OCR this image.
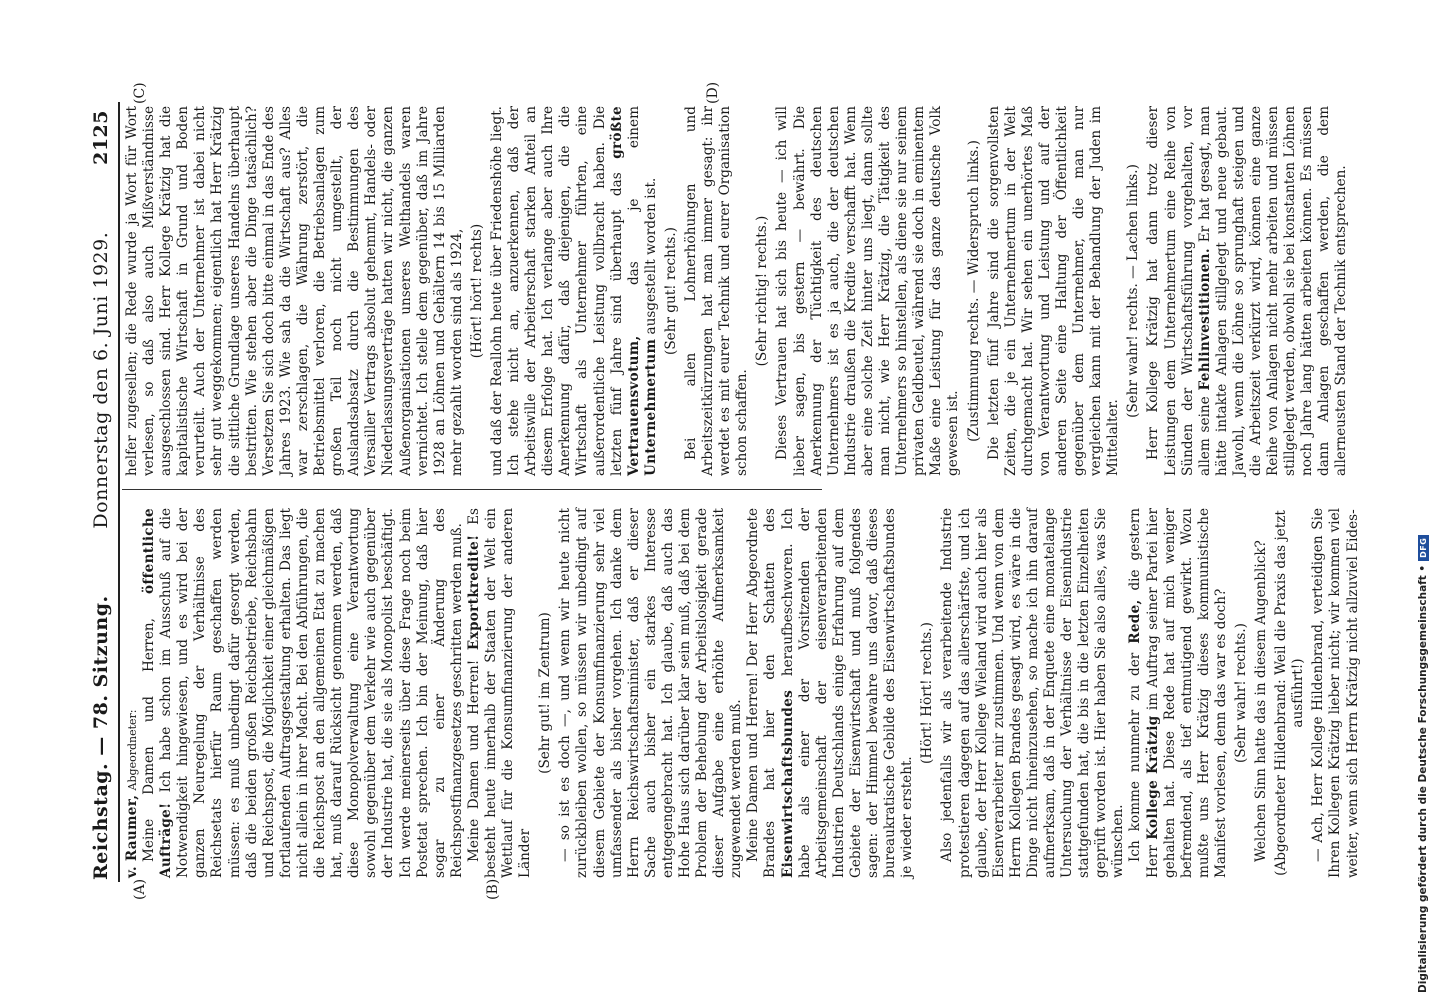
Reichstag. — 78. Sitzung.
Donnerstag den 6. Juni 1929.
2125
(A)	(B)
(C)	(D)

v. Raumer, Abgeordneter: Meine Damen und Herren, öffentliche Aufträge! Ich habe schon im Ausschuß auf die Notwendigkeit hingewiesen, und es wird bei der ganzen Neuregelung der Verhältnisse des Reichsetats hierfür Raum geschaffen werden müssen: es muß unbedingt dafür gesorgt werden, daß die beiden großen Reichsbetriebe, Reichsbahn und Reichspost, die Möglichkeit einer gleichmäßigen fortlaufenden Auftragsgestaltung erhalten. Das liegt nicht allein in ihrer Macht. Bei den Abführungen, die die Reichspost an den allgemeinen Etat zu machen hat, muß darauf Rücksicht genommen werden, daß diese Monopolverwaltung eine Verantwortung sowohl gegenüber dem Verkehr wie auch gegenüber der Industrie hat, die sie als Monopolist beschäftigt. Ich werde meinerseits über diese Frage noch beim Postetat sprechen. Ich bin der Meinung, daß hier sogar zu einer Änderung des Reichspostfinanzgesetzes geschritten werden muß. Meine Damen und Herren! Exportkredite! Es besteht heute innerhalb der Staaten der Welt ein Wettlauf für die Konsumfinanzierung der anderen Länder

(Sehr gut! im Zentrum) — so ist es doch —, und wenn wir heute nicht zurückbleiben wollen, so müssen wir unbedingt auf diesem Gebiete der Konsumfinanzierung sehr viel umfassender als bisher vorgehen. Ich danke dem Herrn Reichswirtschaftsminister, daß er dieser Sache auch bisher ein starkes Interesse entgegengebracht hat. Ich glaube, daß auch das Hohe Haus sich darüber klar sein muß, daß bei dem Problem der Behebung der Arbeitslosigkeit gerade dieser Aufgabe eine erhöhte Aufmerksamkeit zugewendet werden muß. Meine Damen und Herren! Der Herr Abgeordnete Brandes hat hier den Schatten des Eisenwirtschaftsbundes heraufbeschworen. Ich habe als einer der Vorsitzenden der Arbeitsgemeinschaft der eisenverarbeitenden Industrien Deutschlands einige Erfahrung auf dem Gebiete der Eisenwirtschaft und muß folgendes sagen: der Himmel bewahre uns davor, daß dieses bureaukratische Gebilde des Eisenwirtschaftsbundes je wieder ersteht.

(Hört! Hört! rechts.) Also jedenfalls wir als verarbeitende Industrie protestieren dagegen auf das allerschärfste, und ich glaube, der Herr Kollege Wieland wird auch hier als Eisenverarbeiter mir zustimmen. Und wenn von dem Herrn Kollegen Brandes gesagt wird, es wäre in die Dinge nicht hineinzusehen, so mache ich ihn darauf aufmerksam, daß in der Enquete eine monatelange Untersuchung der Verhältnisse der Eisenindustrie stattgefunden hat, die bis in die letzten Einzelheiten geprüft worden ist. Hier haben Sie also alles, was Sie wünschen. Ich komme nunmehr zu der Rede, die gestern Herr Kollege Krätzig im Auftrag seiner Partei hier gehalten hat. Diese Rede hat auf mich weniger befremdend, als tief entmutigend gewirkt. Wozu mußte uns Herr Krätzig dieses kommunistische Manifest vorlesen, denn das war es doch? (Sehr wahr! rechts.) Welchen Sinn hatte das in diesem Augenblick? (Abgeordneter Hildenbrand: Weil die Praxis das jetzt ausführt!) — Ach, Herr Kollege Hildenbrand, verteidigen Sie Ihren Kollegen Krätzig lieber nicht; wir kommen viel weiter, wenn sich Herrn Krätzig nicht allzuviel Eides-

helfer zugesellen; die Rede wurde ja Wort für Wort verlesen, so daß also auch Mißverständnisse ausgeschlossen sind. Herr Kollege Krätzig hat die kapitalistische Wirtschaft in Grund und Boden verurteilt. Auch der Unternehmer ist dabei nicht sehr gut weggekommen; eigentlich hat Herr Krätzig die sittliche Grundlage unseres Handelns überhaupt bestritten. Wie stehen aber die Dinge tatsächlich? Versetzen Sie sich doch bitte einmal in das Ende des Jahres 1923. Wie sah da die Wirtschaft aus? Alles war zerschlagen, die Währung zerstört, die Betriebsmittel verloren, die Betriebsanlagen zum großen Teil noch nicht umgestellt, der Auslandsabsatz durch die Bestimmungen des Versailler Vertrags absolut gehemmt, Handels- oder Niederlassungsverträge hatten wir nicht, die ganzen Außenorganisationen unseres Welthandels waren vernichtet. Ich stelle dem gegenüber, daß im Jahre 1928 an Löhnen und Gehältern 14 bis 15 Milliarden mehr gezahlt worden sind als 1924, (Hört! hört! rechts) und daß der Reallohn heute über Friedenshöhe liegt. Ich stehe nicht an, anzuerkennen, daß der Arbeitswille der Arbeiterschaft starken Anteil an diesem Erfolge hat. Ich verlange aber auch Ihre Anerkennung dafür, daß diejenigen, die die Wirtschaft als Unternehmer führten, eine außerordentliche Leistung vollbracht haben. Die letzten fünf Jahre sind überhaupt das größte Vertrauensvotum, das je einem Unternehmertum ausgestellt worden ist. (Sehr gut! rechts.) Bei allen Lohnerhöhungen und Arbeitszeitkürzungen hat man immer gesagt: ihr werdet es mit eurer Technik und eurer Organisation schon schaffen.

(Sehr richtig! rechts.) Dieses Vertrauen hat sich bis heute — ich will lieber sagen, bis gestern — bewährt. Die Anerkennung der Tüchtigkeit des deutschen Unternehmers ist es ja auch, die der deutschen Industrie draußen die Kredite verschafft hat. Wenn aber eine solche Zeit hinter uns liegt, dann sollte man nicht, wie Herr Krätzig, die Tätigkeit des Unternehmers so hinstellen, als diene sie nur seinem privaten Geldbeutel, während sie doch in eminentem Maße eine Leistung für das ganze deutsche Volk gewesen ist. (Zustimmung rechts. — Widerspruch links.) Die letzten fünf Jahre sind die sorgenvollsten Zeiten, die je ein Unternehmertum in der Welt durchgemacht hat. Wir sehen ein unerhörtes Maß von Verantwortung und Leistung und auf der anderen Seite eine Haltung der Öffentlichkeit gegenüber dem Unternehmer, die man nur vergleichen kann mit der Behandlung der Juden im Mittelalter.

(Sehr wahr! rechts. — Lachen links.) Herr Kollege Krätzig hat dann trotz dieser Leistungen dem Unternehmertum eine Reihe von Sünden der Wirtschaftsführung vorgehalten, vor allem seine Fehlinvestitionen. Er hat gesagt, man hätte intakte Anlagen stillgelegt und neue gebaut. Jawohl, wenn die Löhne so sprunghaft steigen und die Arbeitszeit verkürzt wird, können eine ganze Reihe von Anlagen nicht mehr arbeiten und müssen stillgelegt werden, obwohl sie bei konstanten Löhnen noch Jahre lang hätten arbeiten können. Es müssen dann Anlagen geschaffen werden, die dem allerneusten Stand der Technik entsprechen.

Digitalisierung gefördert durch die Deutsche Forschungsgemeinschaft •
DFG
